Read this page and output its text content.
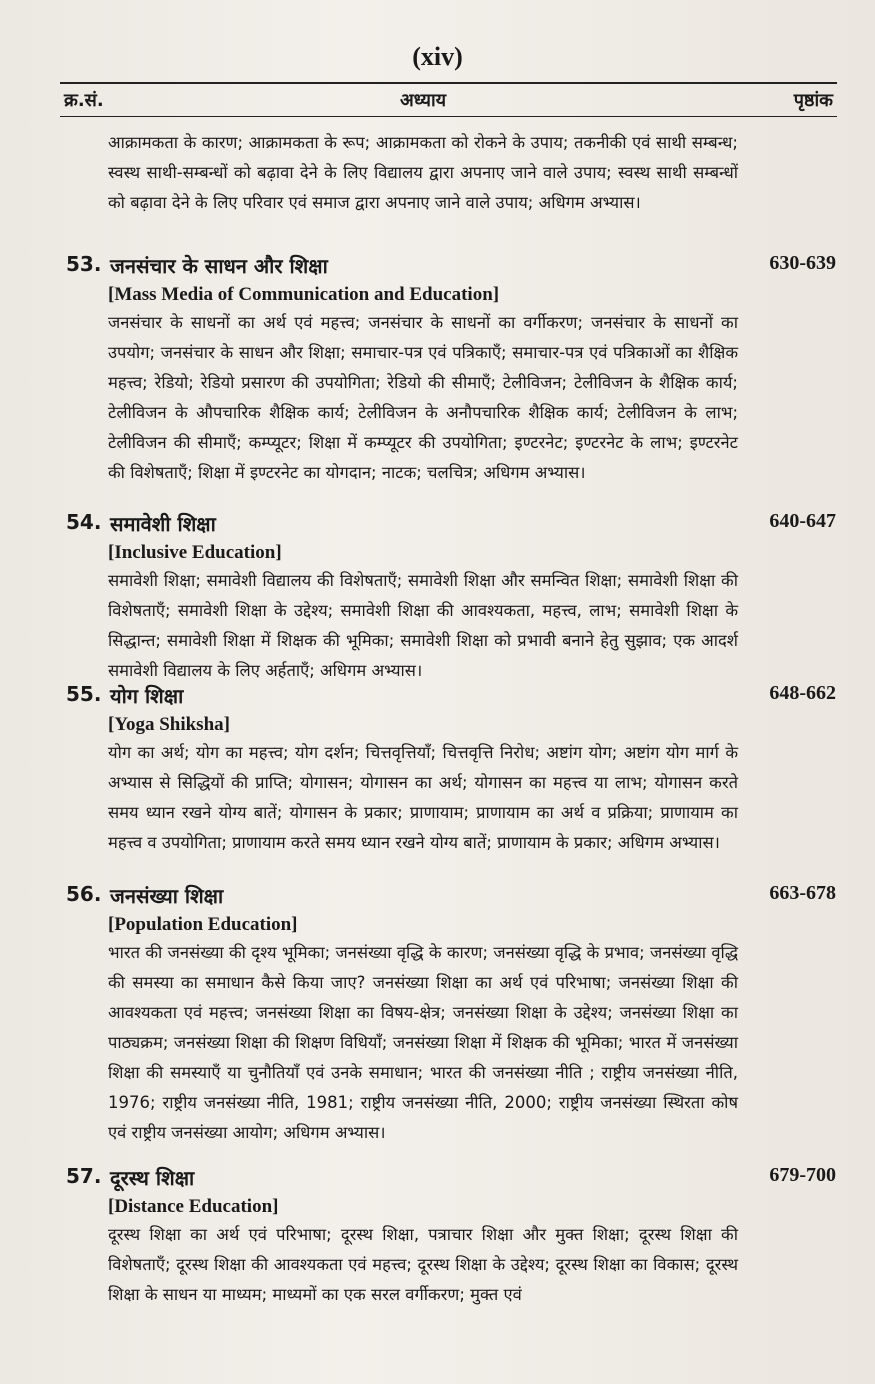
(xiv)
क्र.सं.	अध्याय	पृष्ठांक
आक्रामकता के कारण; आक्रामकता के रूप; आक्रामकता को रोकने के उपाय; तकनीकी एवं साथी सम्बन्ध; स्वस्थ साथी-सम्बन्धों को बढ़ावा देने के लिए विद्यालय द्वारा अपनाए जाने वाले उपाय; स्वस्थ साथी सम्बन्धों को बढ़ावा देने के लिए परिवार एवं समाज द्वारा अपनाए जाने वाले उपाय; अधिगम अभ्यास।
53. जनसंचार के साधन और शिक्षा	630-639
[Mass Media of Communication and Education]
जनसंचार के साधनों का अर्थ एवं महत्त्व; जनसंचार के साधनों का वर्गीकरण; जनसंचार के साधनों का उपयोग; जनसंचार के साधन और शिक्षा; समाचार-पत्र एवं पत्रिकाएँ; समाचार-पत्र एवं पत्रिकाओं का शैक्षिक महत्त्व; रेडियो; रेडियो प्रसारण की उपयोगिता; रेडियो की सीमाएँ; टेलीविजन; टेलीविजन के शैक्षिक कार्य; टेलीविजन के औपचारिक शैक्षिक कार्य; टेलीविजन के अनौपचारिक शैक्षिक कार्य; टेलीविजन के लाभ; टेलीविजन की सीमाएँ; कम्प्यूटर; शिक्षा में कम्प्यूटर की उपयोगिता; इण्टरनेट; इण्टरनेट के लाभ; इण्टरनेट की विशेषताएँ; शिक्षा में इण्टरनेट का योगदान; नाटक; चलचित्र; अधिगम अभ्यास।
54. समावेशी शिक्षा	640-647
[Inclusive Education]
समावेशी शिक्षा; समावेशी विद्यालय की विशेषताएँ; समावेशी शिक्षा और समन्वित शिक्षा; समावेशी शिक्षा की विशेषताएँ; समावेशी शिक्षा के उद्देश्य; समावेशी शिक्षा की आवश्यकता, महत्त्व, लाभ; समावेशी शिक्षा के सिद्धान्त; समावेशी शिक्षा में शिक्षक की भूमिका; समावेशी शिक्षा को प्रभावी बनाने हेतु सुझाव; एक आदर्श समावेशी विद्यालय के लिए अर्हताएँ; अधिगम अभ्यास।
55. योग शिक्षा	648-662
[Yoga Shiksha]
योग का अर्थ; योग का महत्त्व; योग दर्शन; चित्तवृत्तियाँ; चित्तवृत्ति निरोध; अष्टांग योग; अष्टांग योग मार्ग के अभ्यास से सिद्धियों की प्राप्ति; योगासन; योगासन का अर्थ; योगासन का महत्त्व या लाभ; योगासन करते समय ध्यान रखने योग्य बातें; योगासन के प्रकार; प्राणायाम; प्राणायाम का अर्थ व प्रक्रिया; प्राणायाम का महत्त्व व उपयोगिता; प्राणायाम करते समय ध्यान रखने योग्य बातें; प्राणायाम के प्रकार; अधिगम अभ्यास।
56. जनसंख्या शिक्षा	663-678
[Population Education]
भारत की जनसंख्या की दृश्य भूमिका; जनसंख्या वृद्धि के कारण; जनसंख्या वृद्धि के प्रभाव; जनसंख्या वृद्धि की समस्या का समाधान कैसे किया जाए? जनसंख्या शिक्षा का अर्थ एवं परिभाषा; जनसंख्या शिक्षा की आवश्यकता एवं महत्त्व; जनसंख्या शिक्षा का विषय-क्षेत्र; जनसंख्या शिक्षा के उद्देश्य; जनसंख्या शिक्षा का पाठ्यक्रम; जनसंख्या शिक्षा की शिक्षण विधियाँ; जनसंख्या शिक्षा में शिक्षक की भूमिका; भारत में जनसंख्या शिक्षा की समस्याएँ या चुनौतियाँ एवं उनके समाधान; भारत की जनसंख्या नीति ; राष्ट्रीय जनसंख्या नीति, 1976; राष्ट्रीय जनसंख्या नीति, 1981; राष्ट्रीय जनसंख्या नीति, 2000; राष्ट्रीय जनसंख्या स्थिरता कोष एवं राष्ट्रीय जनसंख्या आयोग; अधिगम अभ्यास।
57. दूरस्थ शिक्षा	679-700
[Distance Education]
दूरस्थ शिक्षा का अर्थ एवं परिभाषा; दूरस्थ शिक्षा, पत्राचार शिक्षा और मुक्त शिक्षा; दूरस्थ शिक्षा की विशेषताएँ; दूरस्थ शिक्षा की आवश्यकता एवं महत्त्व; दूरस्थ शिक्षा के उद्देश्य; दूरस्थ शिक्षा का विकास; दूरस्थ शिक्षा के साधन या माध्यम; माध्यमों का एक सरल वर्गीकरण; मुक्त एवं
